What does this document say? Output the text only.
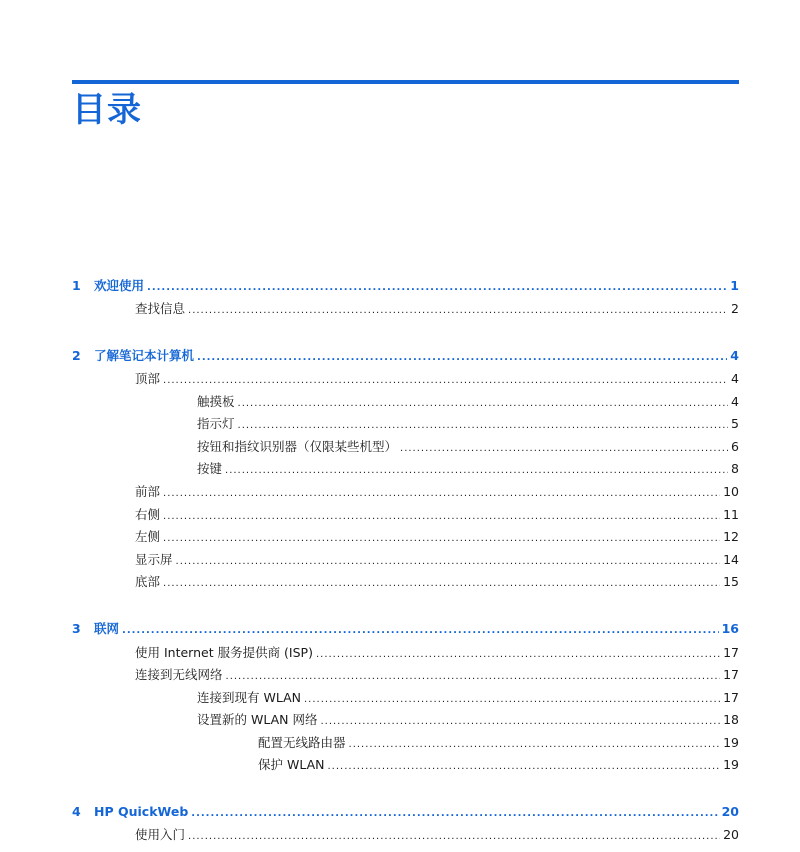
目录
1 欢迎使用 .....	1
查找信息 .....	2
2 了解笔记本计算机 .....	4
顶部 .....	4
触摸板 .....	4
指示灯 .....	5
按钮和指纹识别器（仅限某些机型） .....	6
按键 .....	8
前部 .....	10
右侧 .....	11
左侧 .....	12
显示屏 .....	14
底部 .....	15
3 联网 .....	16
使用 Internet 服务提供商 (ISP) .....	17
连接到无线网络 .....	17
连接到现有 WLAN .....	17
设置新的 WLAN 网络 .....	18
配置无线路由器 .....	19
保护 WLAN .....	19
4 HP QuickWeb .....	20
使用入门 .....	20
